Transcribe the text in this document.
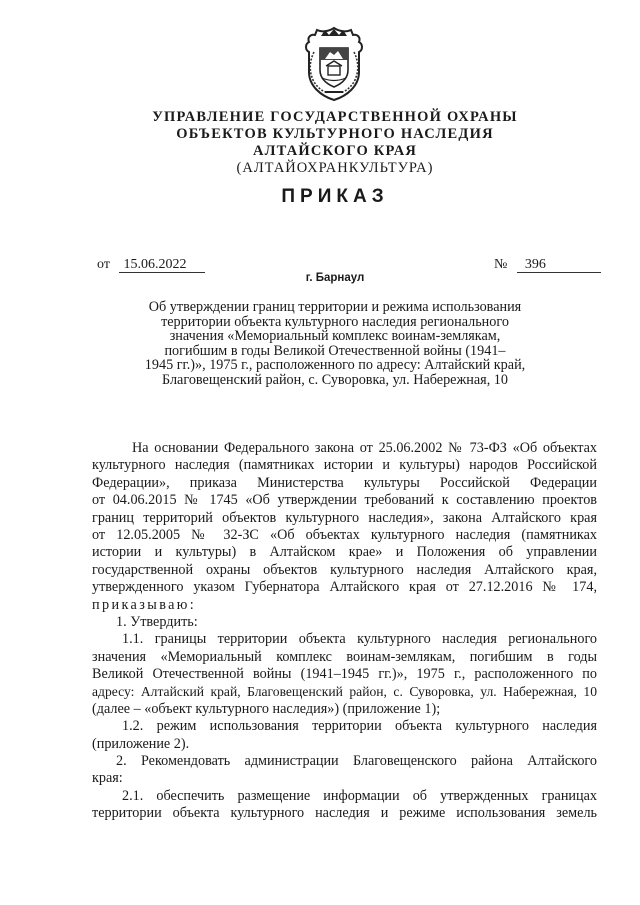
УПРАВЛЕНИЕ ГОСУДАРСТВЕННОЙ ОХРАНЫ
ОБЪЕКТОВ КУЛЬТУРНОГО НАСЛЕДИЯ
АЛТАЙСКОГО КРАЯ
(АЛТАЙОХРАНКУЛЬТУРА)
ПРИКАЗ
от 15.06.2022	№ 396
г. Барнаул
Об утверждении границ территории и режима использования
территории объекта культурного наследия регионального
значения «Мемориальный комплекс воинам-землякам,
погибшим в годы Великой Отечественной войны (1941–
1945 гг.)», 1975 г., расположенного по адресу: Алтайский край,
Благовещенский район, с. Суворовка, ул. Набережная, 10
На основании Федерального закона от 25.06.2002 № 73-ФЗ «Об объектах
культурного наследия (памятниках истории и культуры) народов Российской
Федерации», приказа Министерства культуры Российской Федерации
от 04.06.2015 № 1745 «Об утверждении требований к составлению проектов
границ территорий объектов культурного наследия», закона Алтайского края
от 12.05.2005 № 32-ЗС «Об объектах культурного наследия (памятниках
истории и культуры) в Алтайском крае» и Положения об управлении
государственной охраны объектов культурного наследия Алтайского края,
утвержденного указом Губернатора Алтайского края от 27.12.2016 № 174,
приказываю:
1. Утвердить:
1.1. границы территории объекта культурного наследия регионального
значения «Мемориальный комплекс воинам-землякам, погибшим в годы
Великой Отечественной войны (1941–1945 гг.)», 1975 г., расположенного по
адресу: Алтайский край, Благовещенский район, с. Суворовка, ул. Набережная, 10
(далее – «объект культурного наследия») (приложение 1);
1.2. режим использования территории объекта культурного наследия
(приложение 2).
2. Рекомендовать администрации Благовещенского района Алтайского
края:
2.1. обеспечить размещение информации об утвержденных границах
территории объекта культурного наследия и режиме использования земель
